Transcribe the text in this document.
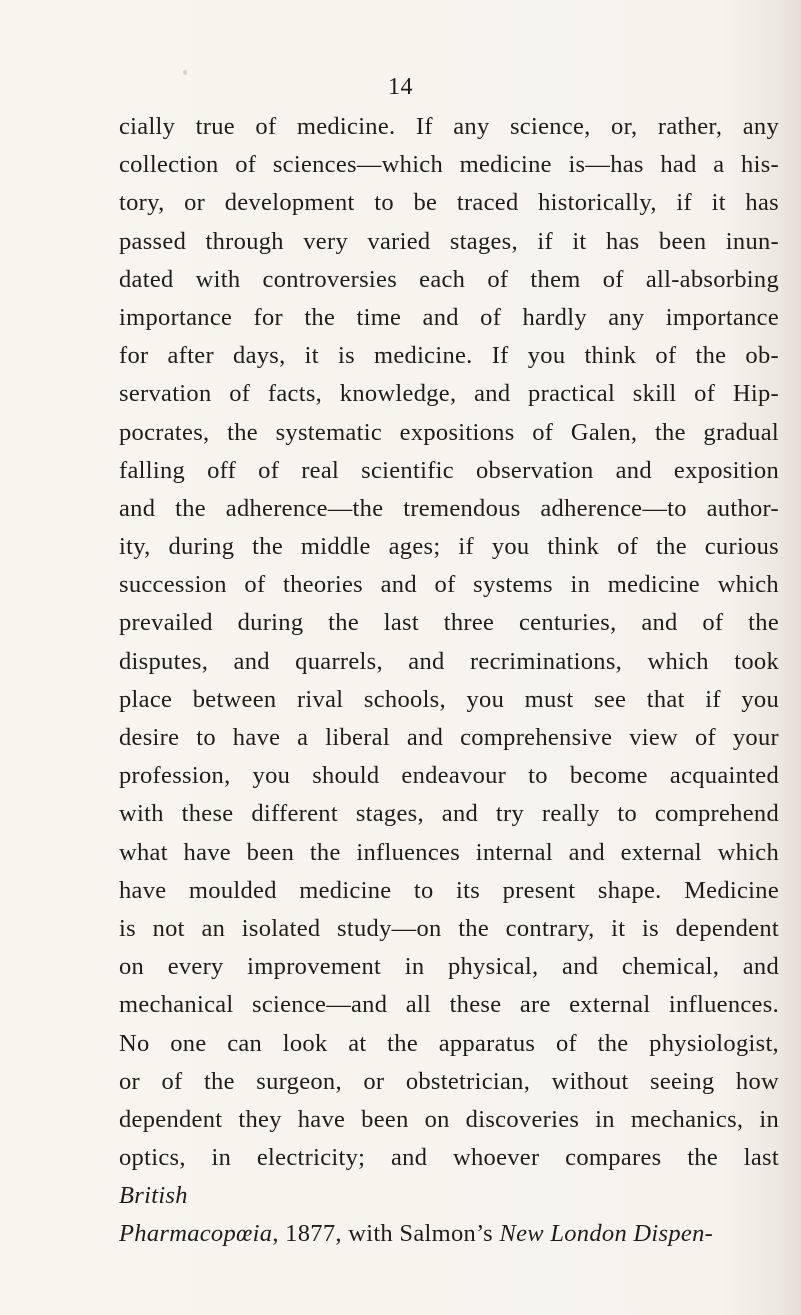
14
cially true of medicine. If any science, or, rather, any
collection of sciences—which medicine is—has had a his-
tory, or development to be traced historically, if it has
passed through very varied stages, if it has been inun-
dated with controversies each of them of all-absorbing
importance for the time and of hardly any importance
for after days, it is medicine. If you think of the ob-
servation of facts, knowledge, and practical skill of Hip-
pocrates, the systematic expositions of Galen, the gradual
falling off of real scientific observation and exposition
and the adherence—the tremendous adherence—to author-
ity, during the middle ages; if you think of the curious
succession of theories and of systems in medicine which
prevailed during the last three centuries, and of the
disputes, and quarrels, and recriminations, which took
place between rival schools, you must see that if you
desire to have a liberal and comprehensive view of your
profession, you should endeavour to become acquainted
with these different stages, and try really to comprehend
what have been the influences internal and external which
have moulded medicine to its present shape. Medicine
is not an isolated study—on the contrary, it is dependent
on every improvement in physical, and chemical, and
mechanical science—and all these are external influences.
No one can look at the apparatus of the physiologist,
or of the surgeon, or obstetrician, without seeing how
dependent they have been on discoveries in mechanics, in
optics, in electricity; and whoever compares the last
British
Pharmacopœia, 1877, with Salmon’s New London Dispen-
